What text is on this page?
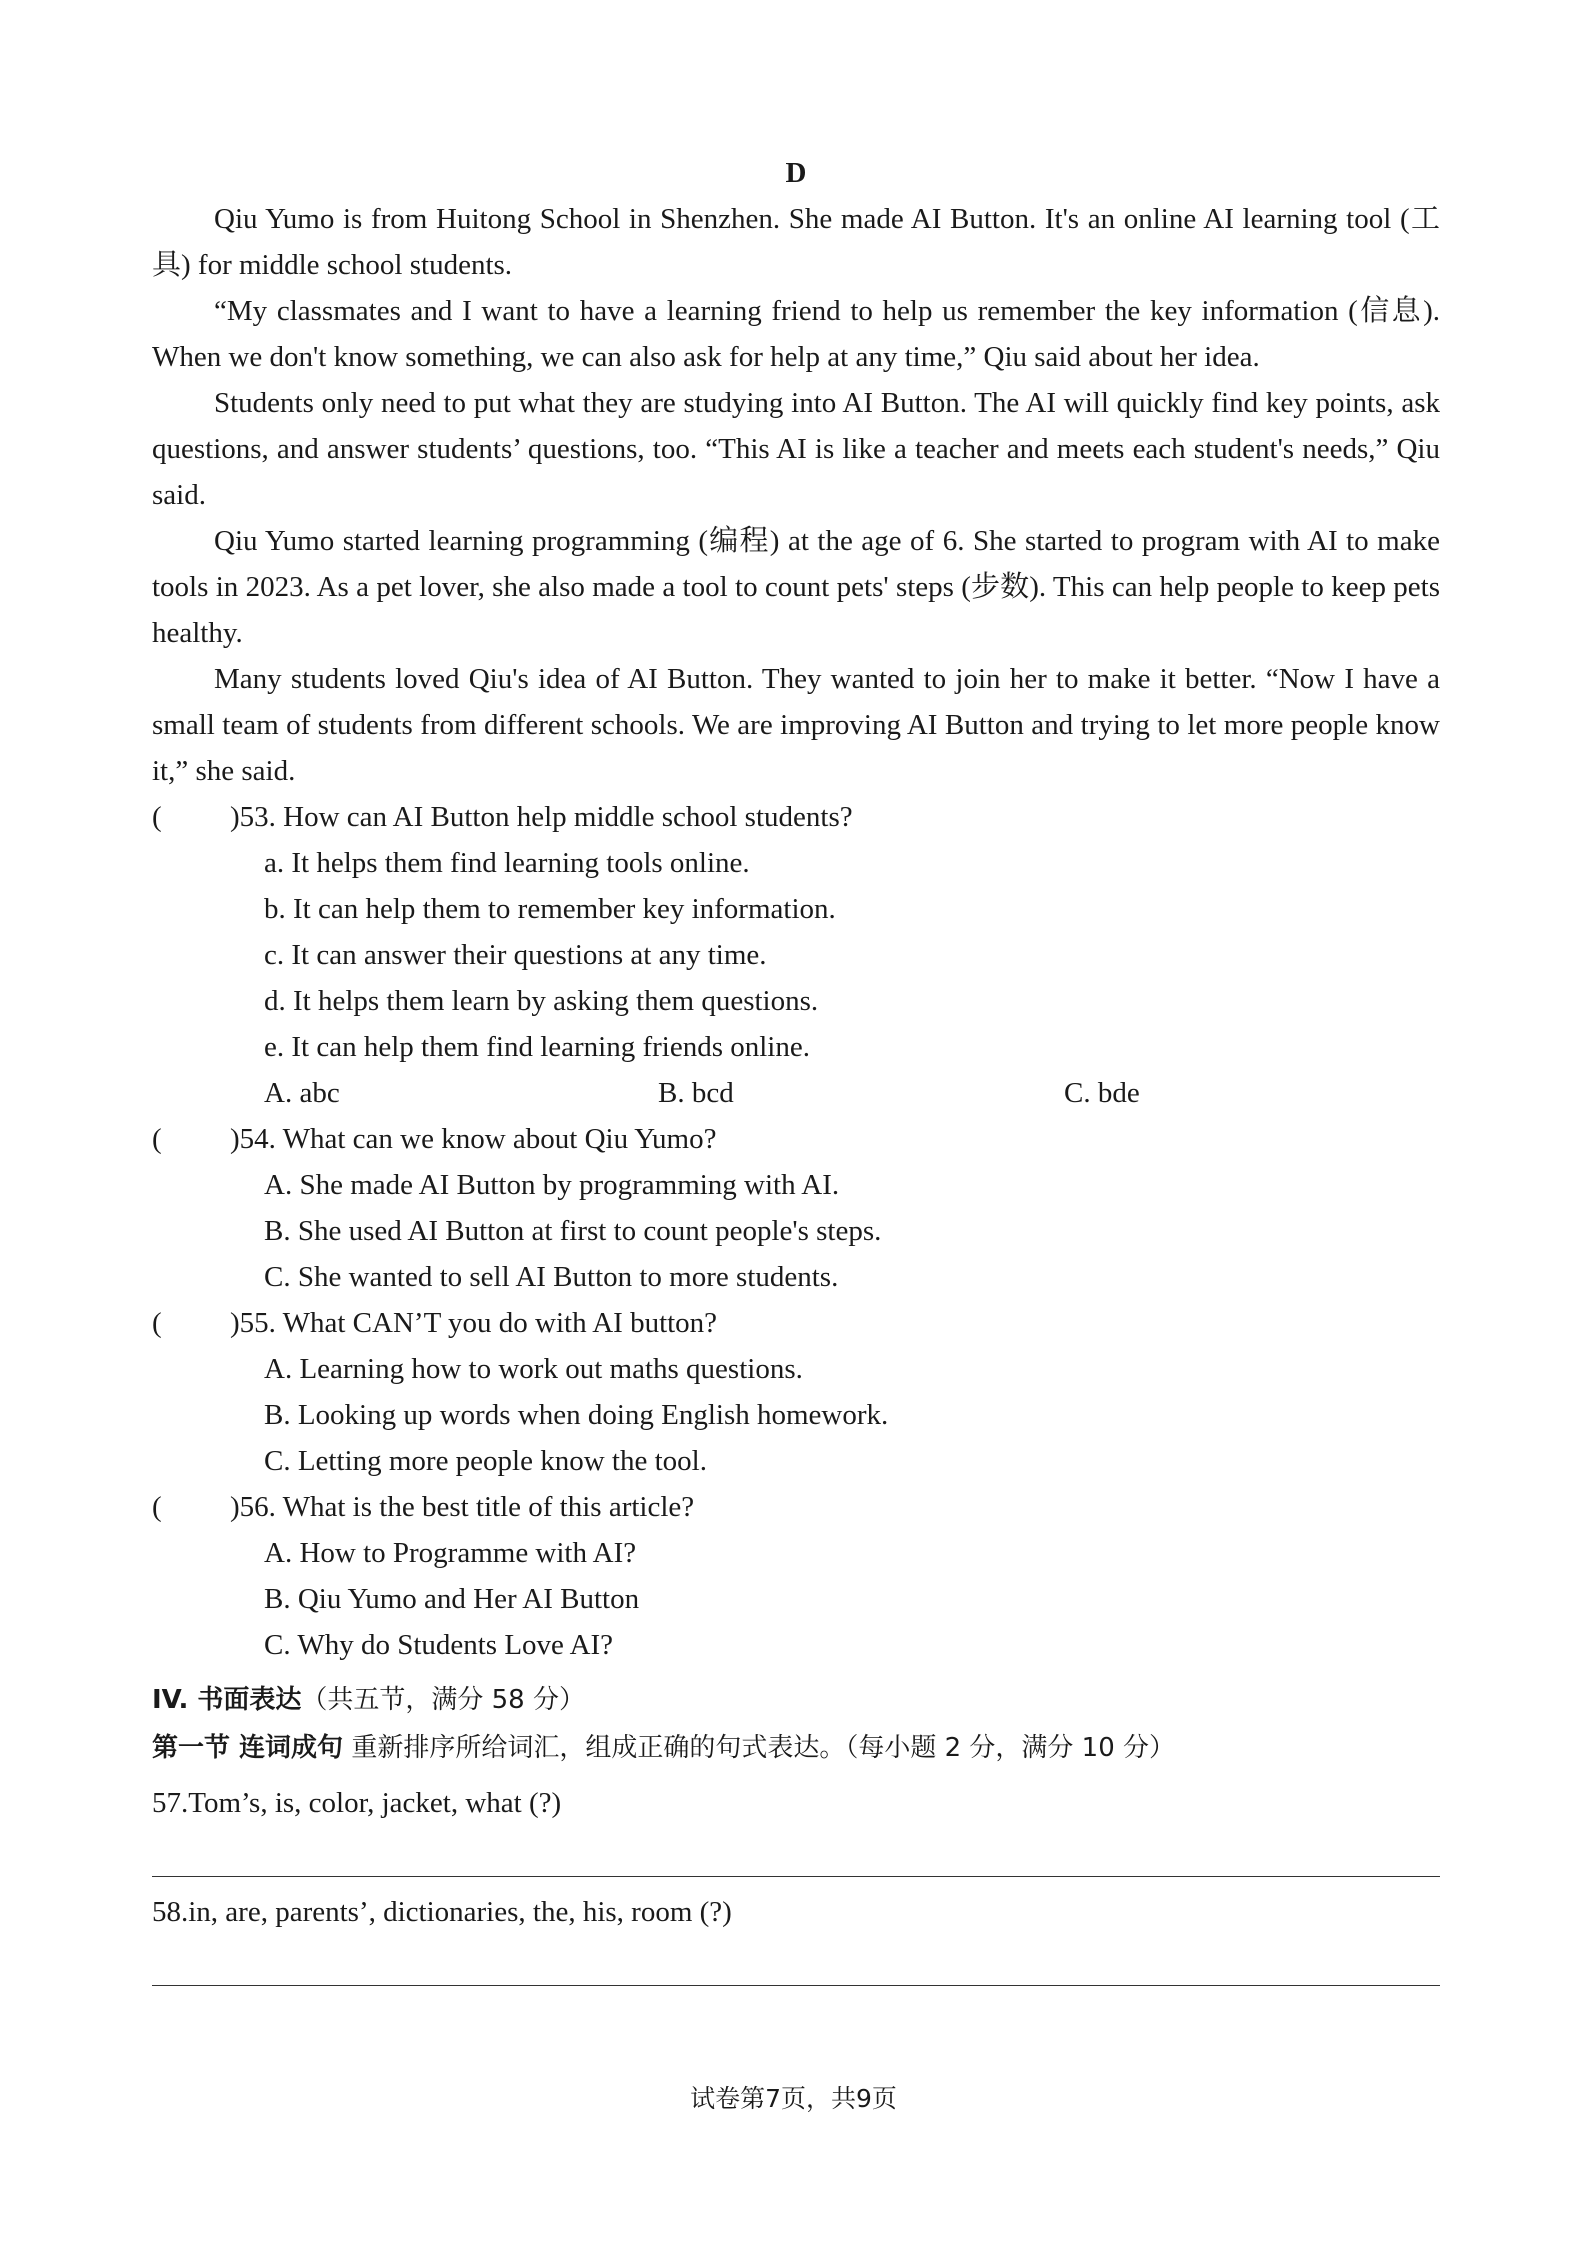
D

Qiu Yumo is from Huitong School in Shenzhen. She made AI Button. It's an online AI learning tool (工具) for middle school students.

“My classmates and I want to have a learning friend to help us remember the key information (信息). When we don't know something, we can also ask for help at any time,” Qiu said about her idea.

Students only need to put what they are studying into AI Button. The AI will quickly find key points, ask questions, and answer students’ questions, too. “This AI is like a teacher and meets each student's needs,” Qiu said.

Qiu Yumo started learning programming (编程) at the age of 6. She started to program with AI to make tools in 2023. As a pet lover, she also made a tool to count pets' steps (步数). This can help people to keep pets healthy.

Many students loved Qiu's idea of AI Button. They wanted to join her to make it better. “Now I have a small team of students from different schools. We are improving AI Button and trying to let more people know it,” she said.

( )53. How can AI Button help middle school students?

a. It helps them find learning tools online.

b. It can help them to remember key information.

c. It can answer their questions at any time.

d. It helps them learn by asking them questions.

e. It can help them find learning friends online.

A. abc	B. bcd	C. bde

( )54. What can we know about Qiu Yumo?

A. She made AI Button by programming with AI.

B. She used AI Button at first to count people's steps.

C. She wanted to sell AI Button to more students.

( )55. What CAN’T you do with AI button?

A. Learning how to work out maths questions.

B. Looking up words when doing English homework.

C. Letting more people know the tool.

( )56. What is the best title of this article?

A. How to Programme with AI?

B. Qiu Yumo and Her AI Button

C. Why do Students Love AI?

IV. 书面表达（共五节，满分 58 分）
第一节 连词成句 重新排序所给词汇，组成正确的句式表达。（每小题 2 分，满分 10 分）

57.Tom’s, is, color, jacket, what (?)

58.in, are, parents’, dictionaries, the, his, room (?)

试卷第7页，共9页
